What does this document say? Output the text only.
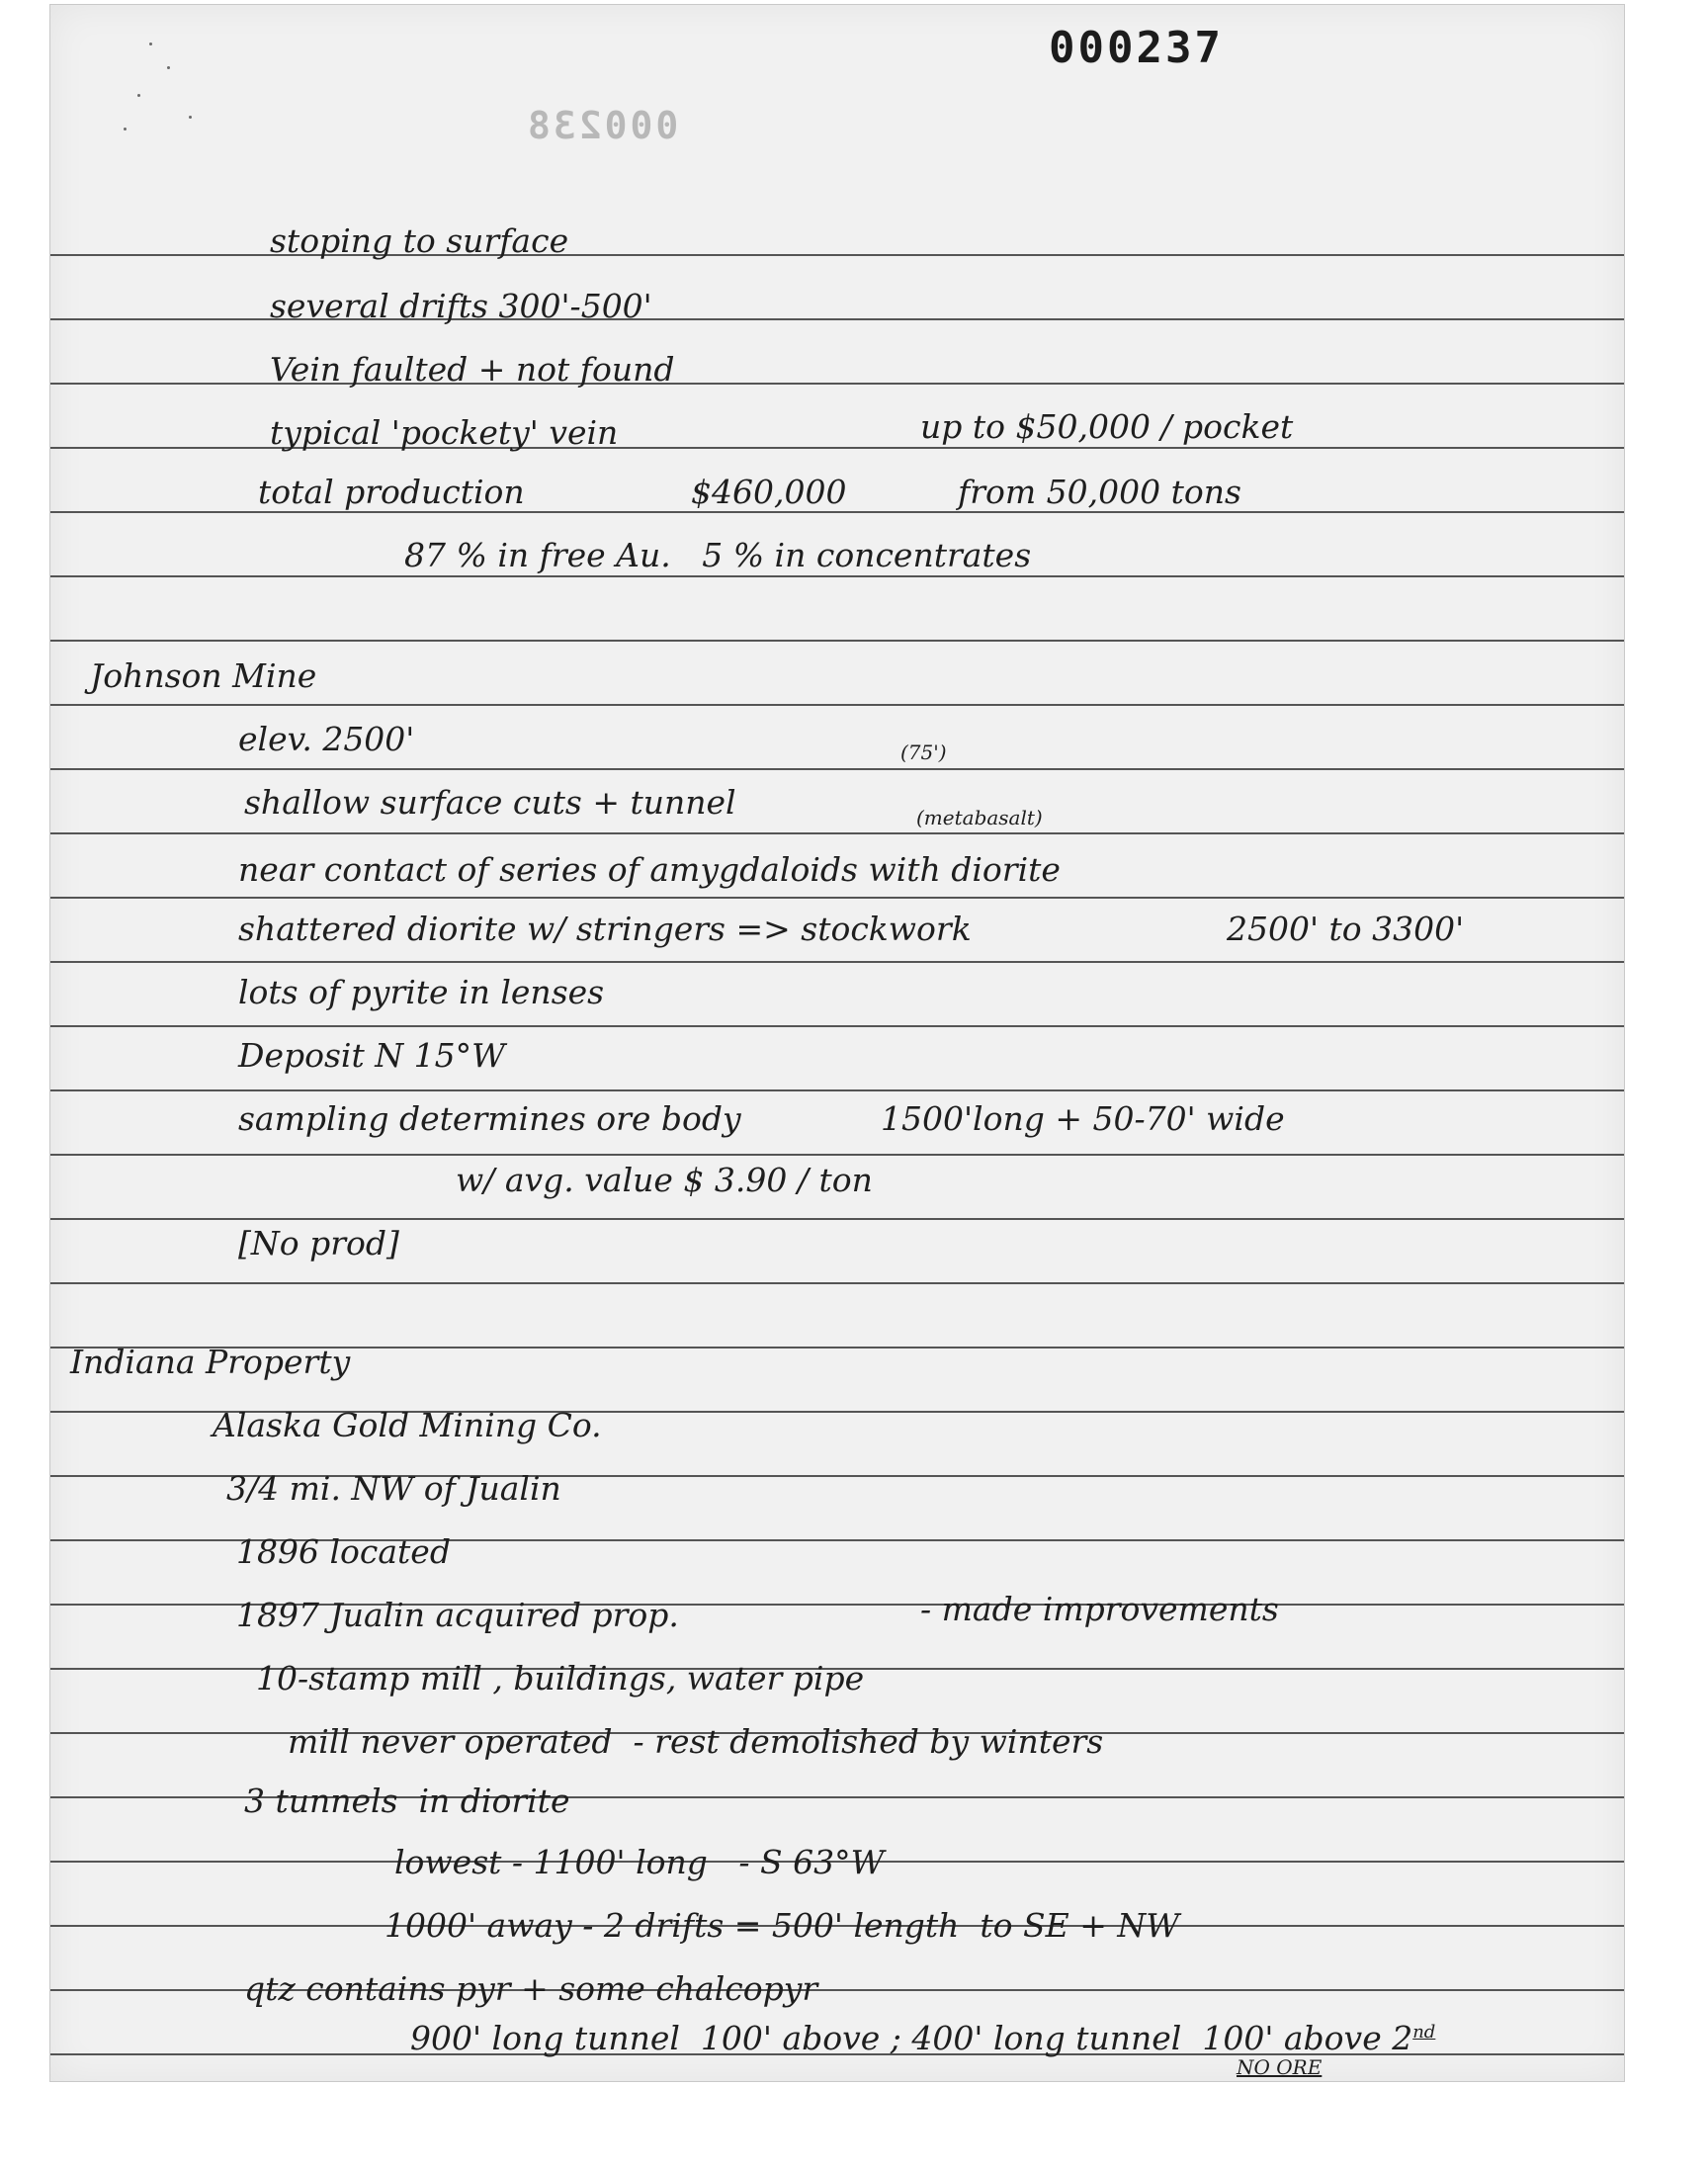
000237
000238
stoping to surface
several drifts 300'-500'
Vein faulted + not found
typical 'pockety' vein	up to $50,000 / pocket
total production	$460,000	from 50,000 tons
87 % in free Au.   5 % in concentrates
Johnson Mine
elev. 2500'	(75')
shallow surface cuts + tunnel	(metabasalt)
near contact of series of amygdaloids with diorite
shattered diorite w/ stringers => stockwork	2500' to 3300'
lots of pyrite in lenses
Deposit N 15°W
sampling determines ore body	1500'long + 50-70' wide
w/ avg. value $ 3.90 / ton
[No prod]
Indiana Property
Alaska Gold Mining Co.
3/4 mi. NW of Jualin
1896 located
1897 Jualin acquired prop.	- made improvements
10-stamp mill , buildings, water pipe
mill never operated  - rest demolished by winters
3 tunnels  in diorite
lowest - 1100' long   - S 63°W
1000' away - 2 drifts = 500' length  to SE + NW
qtz contains pyr + some chalcopyr
900' long tunnel  100' above ; 400' long tunnel  100' above 2nd
NO ORE
